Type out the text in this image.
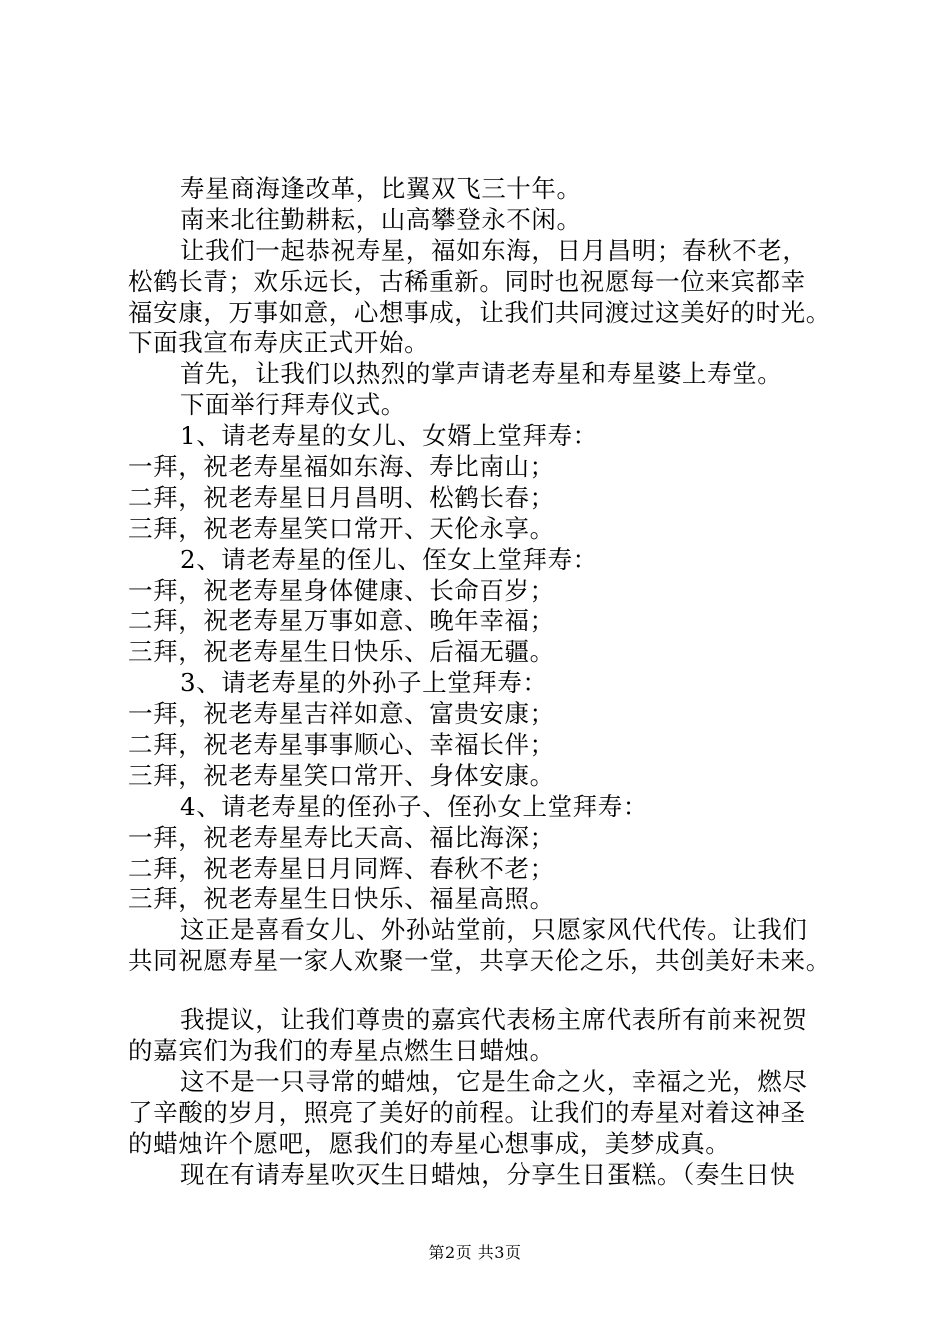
寿星商海逢改革，比翼双飞三十年。
南来北往勤耕耘，山高攀登永不闲。
让我们一起恭祝寿星，福如东海，日月昌明；春秋不老，
松鹤长青；欢乐远长，古稀重新。同时也祝愿每一位来宾都幸
福安康，万事如意，心想事成，让我们共同渡过这美好的时光。
下面我宣布寿庆正式开始。
首先，让我们以热烈的掌声请老寿星和寿星婆上寿堂。
下面举行拜寿仪式。
1、请老寿星的女儿、女婿上堂拜寿：
一拜，祝老寿星福如东海、寿比南山；
二拜，祝老寿星日月昌明、松鹤长春；
三拜，祝老寿星笑口常开、天伦永享。
2、请老寿星的侄儿、侄女上堂拜寿：
一拜，祝老寿星身体健康、长命百岁；
二拜，祝老寿星万事如意、晚年幸福；
三拜，祝老寿星生日快乐、后福无疆。
3、请老寿星的外孙子上堂拜寿：
一拜，祝老寿星吉祥如意、富贵安康；
二拜，祝老寿星事事顺心、幸福长伴；
三拜，祝老寿星笑口常开、身体安康。
4、请老寿星的侄孙子、侄孙女上堂拜寿：
一拜，祝老寿星寿比天高、福比海深；
二拜，祝老寿星日月同辉、春秋不老；
三拜，祝老寿星生日快乐、福星高照。
这正是喜看女儿、外孙站堂前，只愿家风代代传。让我们
共同祝愿寿星一家人欢聚一堂，共享天伦之乐，共创美好未来。
我提议，让我们尊贵的嘉宾代表杨主席代表所有前来祝贺
的嘉宾们为我们的寿星点燃生日蜡烛。
这不是一只寻常的蜡烛，它是生命之火，幸福之光，燃尽
了辛酸的岁月，照亮了美好的前程。让我们的寿星对着这神圣
的蜡烛许个愿吧，愿我们的寿星心想事成，美梦成真。
现在有请寿星吹灭生日蜡烛，分享生日蛋糕。（奏生日快
第2页 共3页
